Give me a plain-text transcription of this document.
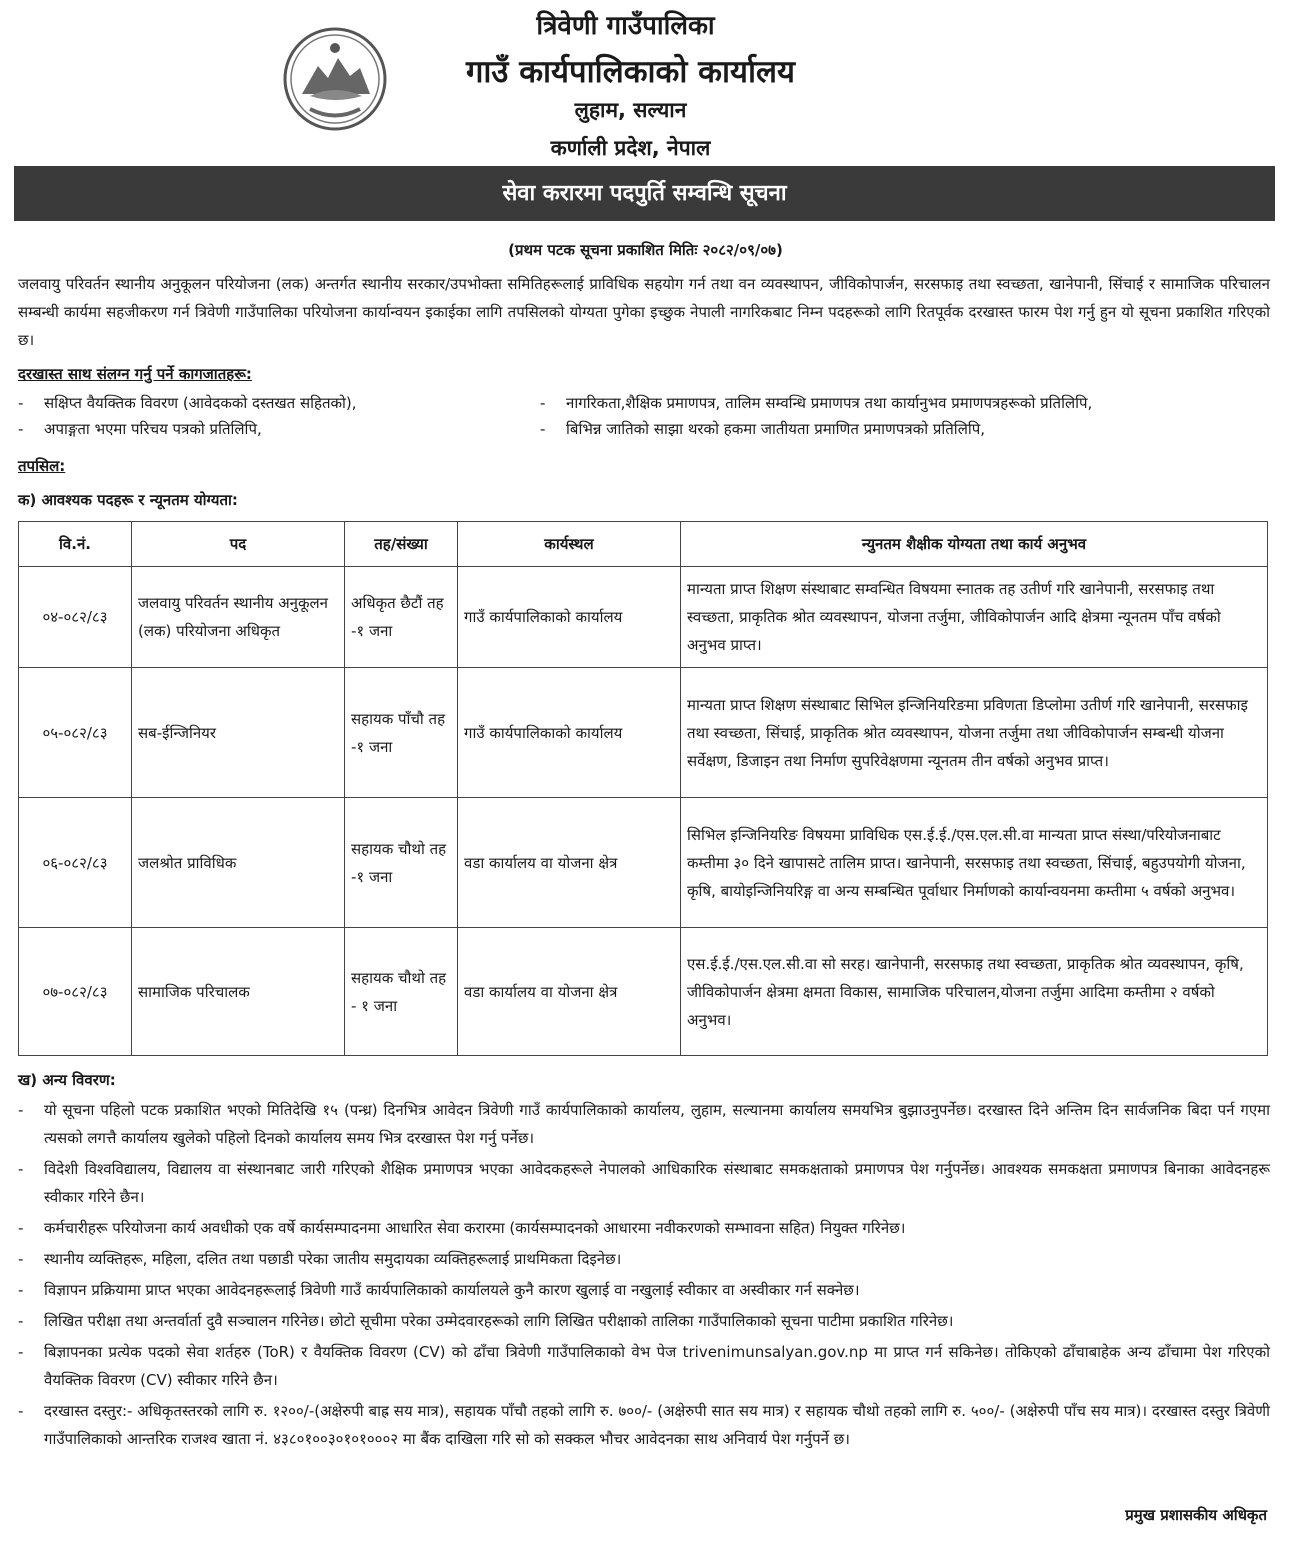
त्रिवेणी गाउँपालिका
गाउँ कार्यपालिकाको कार्यालय
लुहाम, सल्यान
कर्णाली प्रदेश, नेपाल
सेवा करारमा पदपुर्ति सम्वन्धि सूचना
(प्रथम पटक सूचना प्रकाशित मितिः २०८२/०९/०७)
जलवायु परिवर्तन स्थानीय अनुकूलन परियोजना (लक) अन्तर्गत स्थानीय सरकार/उपभोक्ता समितिहरूलाई प्राविधिक सहयोग गर्न तथा वन व्यवस्थापन, जीविकोपार्जन, सरसफाइ तथा स्वच्छता, खानेपानी, सिंचाई र सामाजिक परिचालन सम्बन्धी कार्यमा सहजीकरण गर्न त्रिवेणी गाउँपालिका परियोजना कार्यान्वयन इकाईका लागि तपसिलको योग्यता पुगेका इच्छुक नेपाली नागरिकबाट निम्न पदहरूको लागि रितपूर्वक दरखास्त फारम पेश गर्नु हुन यो सूचना प्रकाशित गरिएको छ।
दरखास्त साथ संलग्न गर्नु पर्ने कागजातहरू:
- सक्षिप्त वैयक्तिक विवरण (आवेदकको दस्तखत सहितको),	- नागरिकता,शैक्षिक प्रमाणपत्र, तालिम सम्वन्धि प्रमाणपत्र तथा कार्यानुभव प्रमाणपत्रहरूको प्रतिलिपि,
- अपाङ्गता भएमा परिचय पत्रको प्रतिलिपि,	- बिभिन्न जातिको साझा थरको हकमा जातीयता प्रमाणित प्रमाणपत्रको प्रतिलिपि,
तपसिल:
क) आवश्यक पदहरू र न्यूनतम योग्यता:
वि.नं.	पद	तह/संख्या	कार्यस्थल	न्युनतम शैक्षीक योग्यता तथा कार्य अनुभव
०४-०८२/८३	जलवायु परिवर्तन स्थानीय अनुकूलन (लक) परियोजना अधिकृत	अधिकृत छैटौं तह -१ जना	गाउँ कार्यपालिकाको कार्यालय	मान्यता प्राप्त शिक्षण संस्थाबाट सम्वन्धित विषयमा स्नातक तह उतीर्ण गरि खानेपानी, सरसफाइ तथा स्वच्छता, प्राकृतिक श्रोत व्यवस्थापन, योजना तर्जुमा, जीविकोपार्जन आदि क्षेत्रमा न्यूनतम पाँच वर्षको अनुभव प्राप्त।
०५-०८२/८३	सब-ईन्जिनियर	सहायक पाँचौ तह -१ जना	गाउँ कार्यपालिकाको कार्यालय	मान्यता प्राप्त शिक्षण संस्थाबाट सिभिल इन्जिनियरिङमा प्रविणता डिप्लोमा उतीर्ण गरि खानेपानी, सरसफाइ तथा स्वच्छता, सिंचाई, प्राकृतिक श्रोत व्यवस्थापन, योजना तर्जुमा तथा जीविकोपार्जन सम्बन्धी योजना सर्वेक्षण, डिजाइन तथा निर्माण सुपरिवेक्षणमा न्यूनतम तीन वर्षको अनुभव प्राप्त।
०६-०८२/८३	जलश्रोत प्राविधिक	सहायक चौथो तह -१ जना	वडा कार्यालय वा योजना क्षेत्र	सिभिल इन्जिनियरिङ विषयमा प्राविधिक एस.ई.ई./एस.एल.सी.वा मान्यता प्राप्त संस्था/परियोजनाबाट कम्तीमा ३० दिने खापासटे तालिम प्राप्त। खानेपानी, सरसफाइ तथा स्वच्छता, सिंचाई, बहुउपयोगी योजना, कृषि, बायोइन्जिनियरिङ्ग वा अन्य सम्बन्धित पूर्वाधार निर्माणको कार्यान्वयनमा कम्तीमा ५ वर्षको अनुभव।
०७-०८२/८३	सामाजिक परिचालक	सहायक चौथो तह - १ जना	वडा कार्यालय वा योजना क्षेत्र	एस.ई.ई./एस.एल.सी.वा सो सरह। खानेपानी, सरसफाइ तथा स्वच्छता, प्राकृतिक श्रोत व्यवस्थापन, कृषि, जीविकोपार्जन क्षेत्रमा क्षमता विकास, सामाजिक परिचालन,योजना तर्जुमा आदिमा कम्तीमा २ वर्षको अनुभव।
ख) अन्य विवरण:
-	यो सूचना पहिलो पटक प्रकाशित भएको मितिदेखि १५ (पन्ध्र) दिनभित्र आवेदन त्रिवेणी गाउँ कार्यपालिकाको कार्यालय, लुहाम, सल्यानमा कार्यालय समयभित्र बुझाउनुपर्नेछ। दरखास्त दिने अन्तिम दिन सार्वजनिक बिदा पर्न गएमा त्यसको लगत्तै कार्यालय खुलेको पहिलो दिनको कार्यालय समय भित्र दरखास्त पेश गर्नु पर्नेछ।
-	विदेशी विश्वविद्यालय, विद्यालय वा संस्थानबाट जारी गरिएको शैक्षिक प्रमाणपत्र भएका आवेदकहरूले नेपालको आधिकारिक संस्थाबाट समकक्षताको प्रमाणपत्र पेश गर्नुपर्नेछ। आवश्यक समकक्षता प्रमाणपत्र बिनाका आवेदनहरू स्वीकार गरिने छैन।
-	कर्मचारीहरू परियोजना कार्य अवधीको एक वर्षे कार्यसम्पादनमा आधारित सेवा करारमा (कार्यसम्पादनको आधारमा नवीकरणको सम्भावना सहित) नियुक्त गरिनेछ।
-	स्थानीय व्यक्तिहरू, महिला, दलित तथा पछाडी परेका जातीय समुदायका व्यक्तिहरूलाई प्राथमिकता दिइनेछ।
-	विज्ञापन प्रक्रियामा प्राप्त भएका आवेदनहरूलाई त्रिवेणी गाउँ कार्यपालिकाको कार्यालयले कुनै कारण खुलाई वा नखुलाई स्वीकार वा अस्वीकार गर्न सक्नेछ।
-	लिखित परीक्षा तथा अन्तर्वार्ता दुवै सञ्चालन गरिनेछ। छोटो सूचीमा परेका उम्मेदवारहरूको लागि लिखित परीक्षाको तालिका गाउँपालिकाको सूचना पाटीमा प्रकाशित गरिनेछ।
-	बिज्ञापनका प्रत्येक पदको सेवा शर्तहरु (ToR) र वैयक्तिक विवरण (CV) को ढाँचा त्रिवेणी गाउँपालिकाको वेभ पेज trivenimunsalyan.gov.np मा प्राप्त गर्न सकिनेछ। तोकिएको ढाँचाबाहेक अन्य ढाँचामा पेश गरिएको वैयक्तिक विवरण (CV) स्वीकार गरिने छैन।
-	दरखास्त दस्तुर:- अधिकृतस्तरको लागि रु. १२००/-(अक्षेरुपी बाह्र सय मात्र), सहायक पाँचौ तहको लागि रु. ७००/- (अक्षेरुपी सात सय मात्र) र सहायक चौथो तहको लागि रु. ५००/- (अक्षेरुपी पाँच सय मात्र)। दरखास्त दस्तुर त्रिवेणी गाउँपालिकाको आन्तरिक राजश्व खाता नं. ४३८०१००३०१०१०००२ मा बैंक दाखिला गरि सो को सक्कल भौचर आवेदनका साथ अनिवार्य पेश गर्नुपर्ने छ।
प्रमुख प्रशासकीय अधिकृत
